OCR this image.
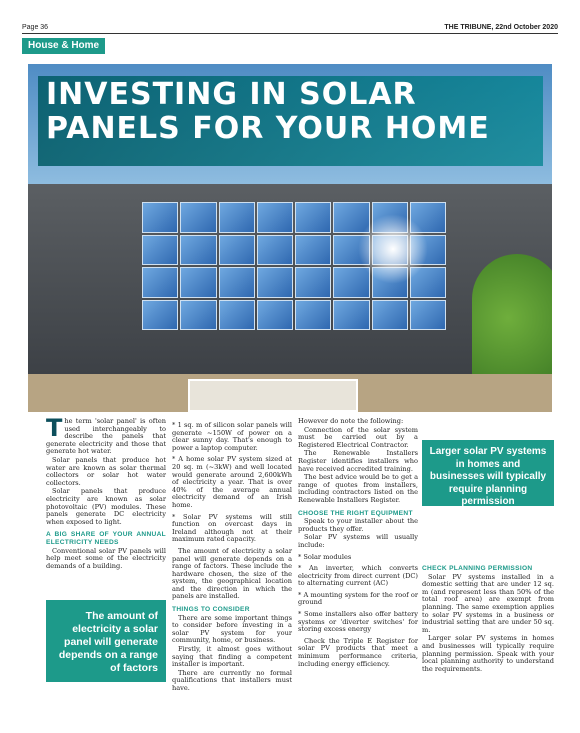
Page 36	THE TRIBUNE, 22nd October 2020
House & Home
INVESTING IN SOLAR PANELS FOR YOUR HOME

The term 'solar panel' is often used interchangeably to describe the panels that generate electricity and those that generate hot water.

Solar panels that produce hot water are known as solar thermal collectors or solar hot water collectors.

Solar panels that produce electricity are known as solar photovoltaic (PV) modules. These panels generate DC electricity when exposed to light.

A BIG SHARE OF YOUR ANNUAL ELECTRICITY NEEDS

Conventional solar PV panels will help meet some of the electricity demands of a building.

* 1 sq. m of silicon solar panels will generate ~150W of power on a clear sunny day. That's enough to power a laptop computer.

* A home solar PV system sized at 20 sq. m (~3kW) and well located would generate around 2,600kWh of electricity a year. That is over 40% of the average annual electricity demand of an Irish home.

* Solar PV systems will still function on overcast days in Ireland although not at their maximum rated capacity.

The amount of electricity a solar panel will generate depends on a range of factors. These include the hardware chosen, the size of the system, the geographical location and the direction in which the panels are installed.

THINGS TO CONSIDER

There are some important things to consider before investing in a solar PV system for your community, home, or business.

Firstly, it almost goes without saying that finding a competent installer is important.

There are currently no formal qualifications that installers must have.

However do note the following:

Connection of the solar system must be carried out by a Registered Electrical Contractor.

The Renewable Installers Register identifies installers who have received accredited training.

The best advice would be to get a range of quotes from installers, including contractors listed on the Renewable Installers Register.

CHOOSE THE RIGHT EQUIPMENT

Speak to your installer about the products they offer.

Solar PV systems will usually include:

* Solar modules

* An inverter, which converts electricity from direct current (DC) to alternating current (AC)

* A mounting system for the roof or ground

* Some installers also offer battery systems or 'diverter switches' for storing excess energy

Check the Triple E Register for solar PV products that meet a minimum performance criteria, including energy efficiency.

CHECK PLANNING PERMISSION

Solar PV systems installed in a domestic setting that are under 12 sq. m (and represent less than 50% of the total roof area) are exempt from planning. The same exemption applies to solar PV systems in a business or industrial setting that are under 50 sq. m.

Larger solar PV systems in homes and businesses will typically require planning permission. Speak with your local planning authority to understand the requirements.

The amount of electricity a solar panel will generate depends on a range of factors
Larger solar PV systems in homes and businesses will typically require planning permission
